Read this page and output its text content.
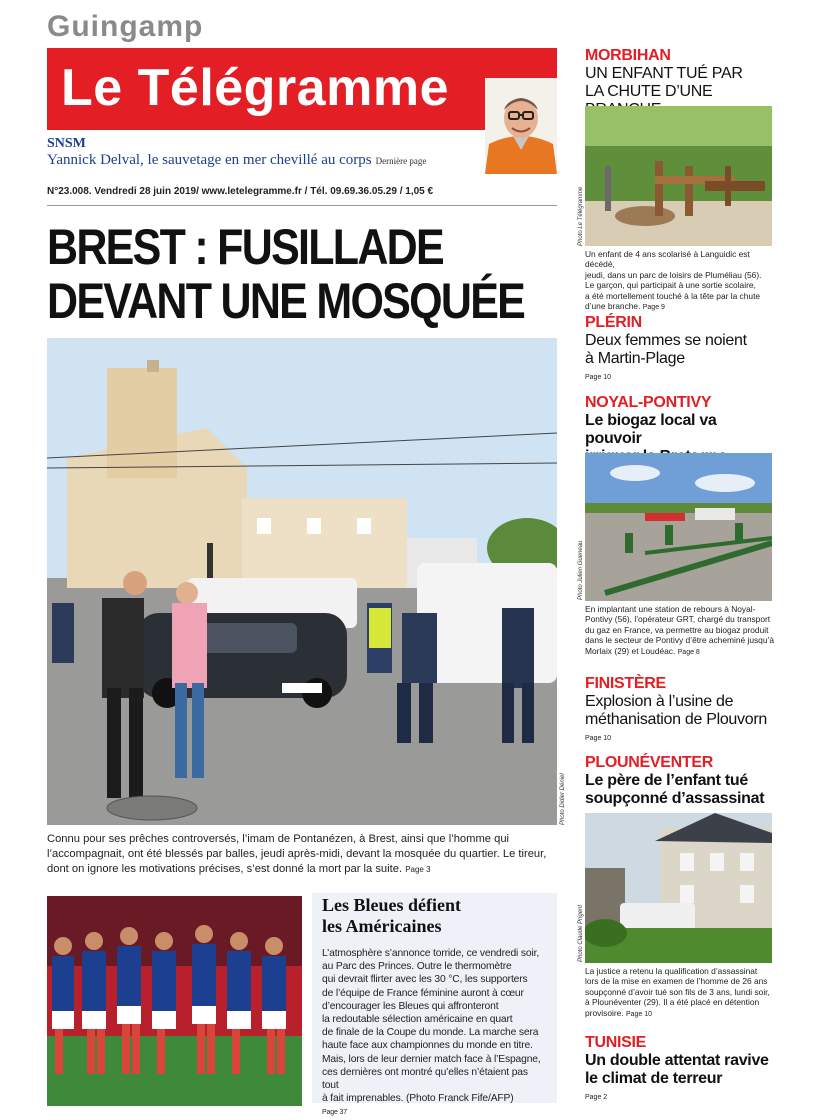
Guingamp
Le Télégramme
SNSM
Yannick Delval, le sauvetage en mer chevillé au corps Dernière page
N°23.008. Vendredi 28 juin 2019/ www.letelegramme.fr / Tél. 09.69.36.05.29 / 1,05 €
BREST : FUSILLADE
DEVANT UNE MOSQUÉE
Photo Didier Déniel
Connu pour ses prêches controversés, l’imam de Pontanézen, à Brest, ainsi que l’homme qui l’accompagnait, ont été blessés par balles, jeudi après-midi, devant la mosquée du quartier. Le tireur, dont on ignore les motivations précises, s’est donné la mort par la suite. Page 3
Les Bleues défient
les Américaines
L’atmosphère s’annonce torride, ce vendredi soir,
au Parc des Princes. Outre le thermomètre
qui devrait flirter avec les 30 °C, les supporters
de l’équipe de France féminine auront à cœur
d’encourager les Bleues qui affronteront
la redoutable sélection américaine en quart
de finale de la Coupe du monde. La marche sera
haute face aux championnes du monde en titre.
Mais, lors de leur dernier match face à l’Espagne,
ces dernières ont montré qu’elles n’étaient pas tout
à fait imprenables. (Photo Franck Fife/AFP)
Page 37
MORBIHAN
UN ENFANT TUÉ PAR
LA CHUTE D’UNE
Photo Le Télégramme
Un enfant de 4 ans scolarisé à Languidic est décédé,
jeudi, dans un parc de loisirs de Pluméliau (56).
Le garçon, qui participait à une sortie scolaire,
a été mortellement touché à la tête par la chute
d’une branche. Page 9
PLÉRIN
Deux femmes se noient
à Martin-Plage
Page 10
NOYAL-PONTIVY
Le biogaz local va pouvoir
Photo Julien Gueneau
En implantant une station de rebours à Noyal-
Pontivy (56), l’opérateur GRT, chargé du transport
du gaz en France, va permettre au biogaz produit
dans le secteur de Pontivy d’être acheminé jusqu’à
Morlaix (29) et Loudéac. Page 8
FINISTÈRE
Explosion à l’usine de
méthanisation de Plouvorn
Page 10
PLOUNÉVENTER
Le père de l’enfant tué
soupçonné d’assassinat
Photo Claude Prigent
La justice a retenu la qualification d’assassinat
lors de la mise en examen de l’homme de 26 ans
soupçonné d’avoir tué son fils de 3 ans, lundi soir,
à Plounéventer (29). Il a été placé en détention
provisoire. Page 10
TUNISIE
Un double attentat ravive
le climat de terreur
Page 2
